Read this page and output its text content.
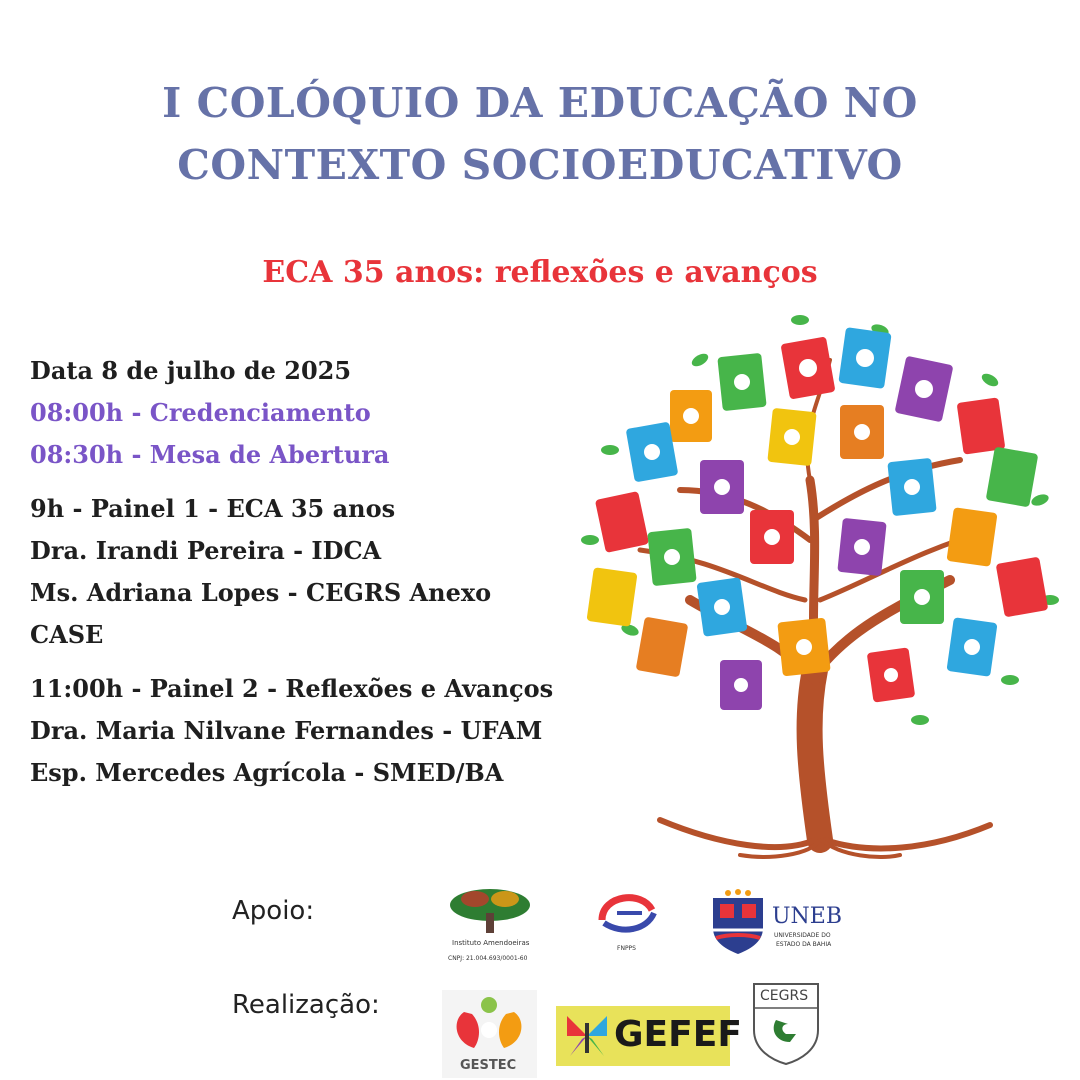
I COLÓQUIO DA EDUCAÇÃO NO
CONTEXTO SOCIOEDUCATIVO
ECA 35 anos: reflexões e avanços
Data 8 de julho de 2025
08:00h - Credenciamento
08:30h - Mesa de Abertura
9h - Painel 1 - ECA 35 anos
Dra. Irandi Pereira - IDCA
Ms. Adriana Lopes - CEGRS Anexo
CASE
11:00h - Painel 2 - Reflexões e Avanços
Dra. Maria Nilvane Fernandes - UFAM
Esp. Mercedes Agrícola - SMED/BA
Apoio:
Instituto Amendoeiras
CNPJ: 21.004.693/0001-60
FNPPS
UNEB
UNIVERSIDADE DO
ESTADO DA BAHIA
Realização:
GESTEC
GEFEF
CEGRS
